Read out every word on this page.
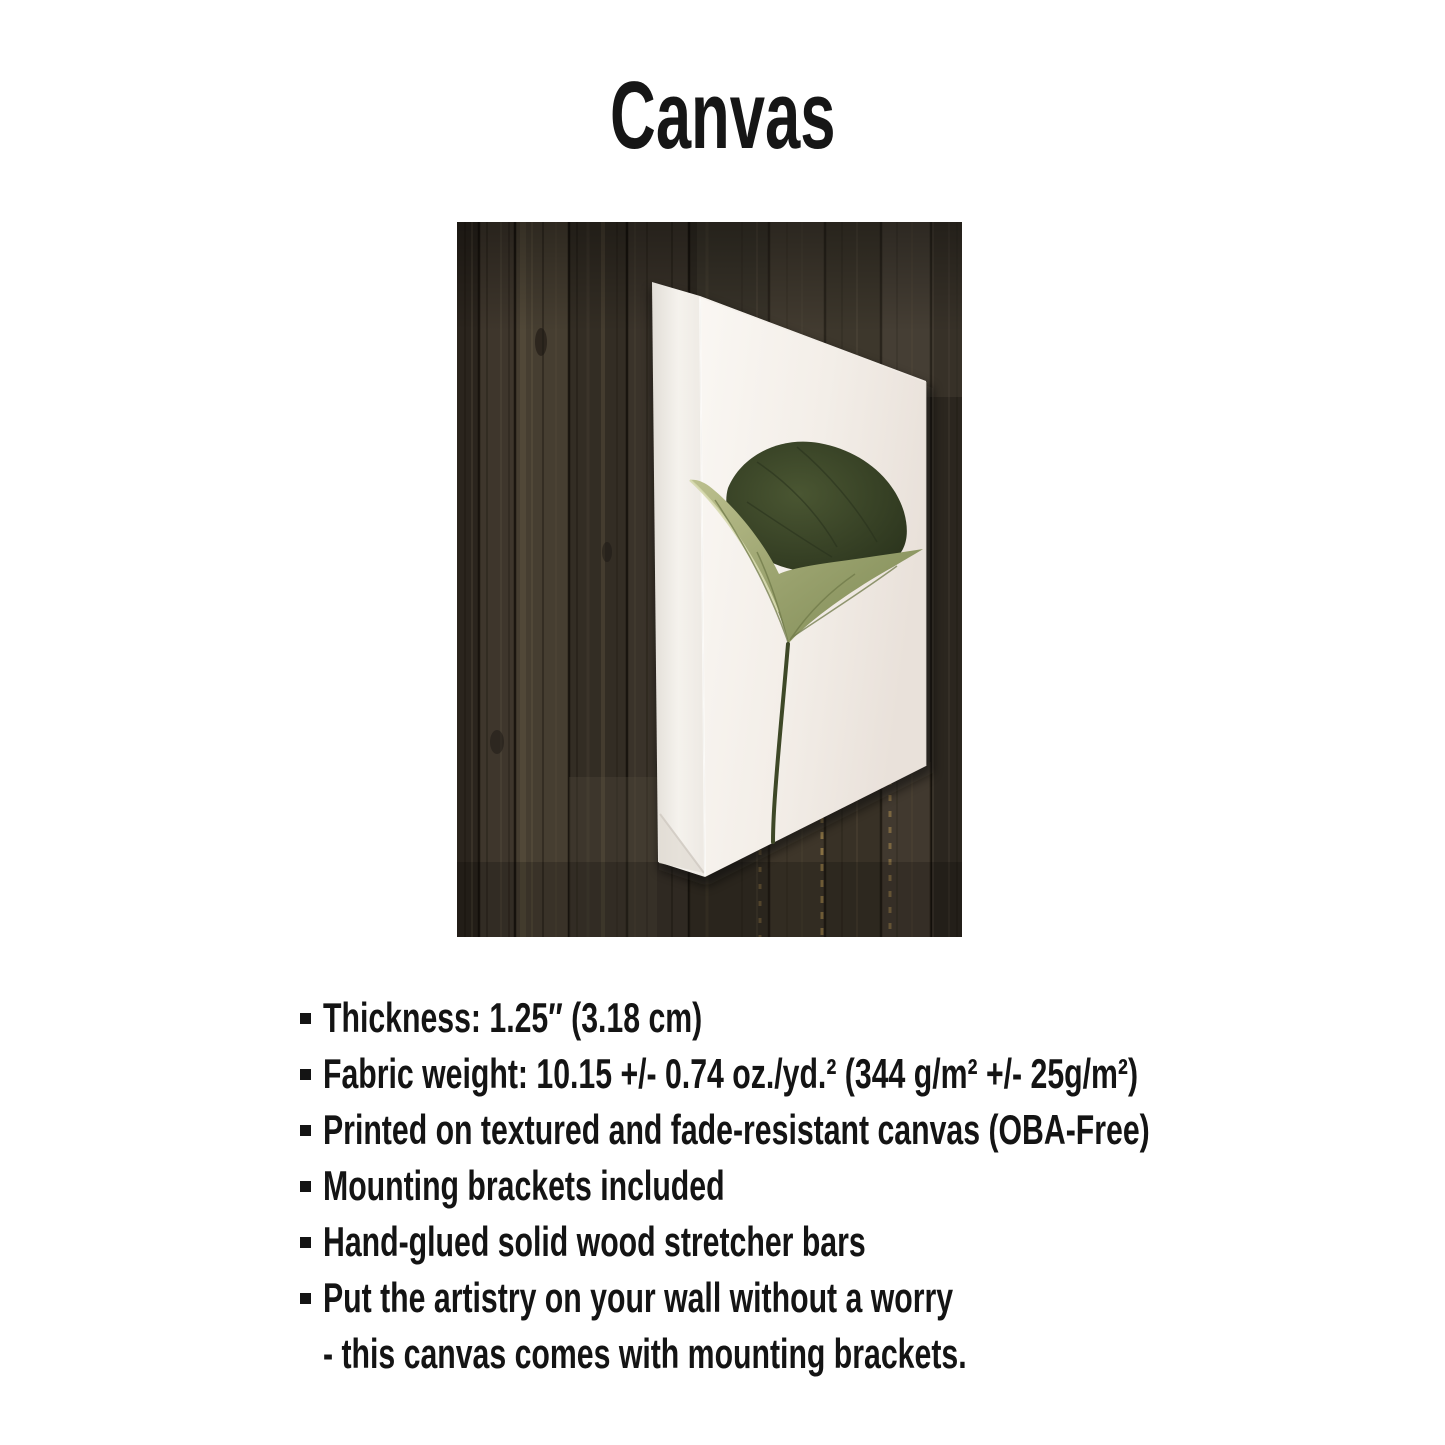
Canvas
Thickness: 1.25″ (3.18 cm)
Fabric weight: 10.15 +/- 0.74 oz./yd.² (344 g/m² +/- 25g/m²)
Printed on textured and fade-resistant canvas (OBA-Free)
Mounting brackets included
Hand-glued solid wood stretcher bars
Put the artistry on your wall without a worry
- this canvas comes with mounting brackets.
